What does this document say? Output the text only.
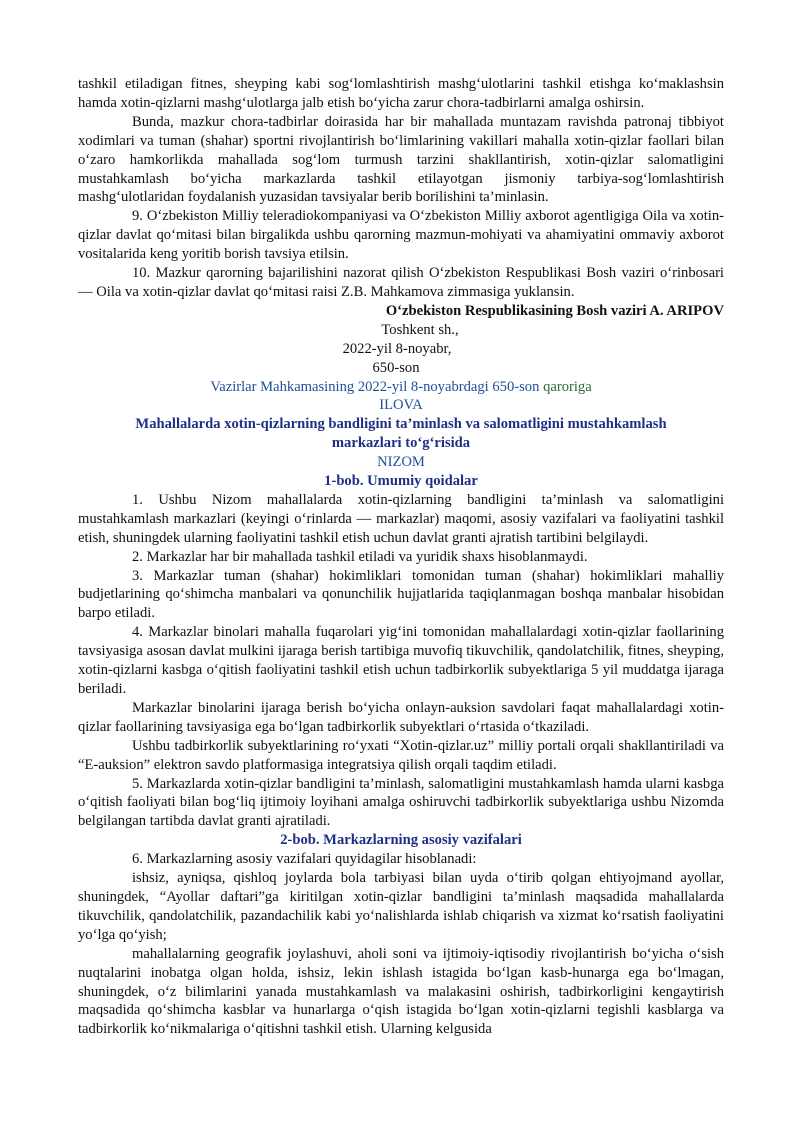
tashkil etiladigan fitnes, sheyping kabi sog‘lomlashtirish mashg‘ulotlarini tashkil etishga ko‘maklashsin hamda xotin-qizlarni mashg‘ulotlarga jalb etish bo‘yicha zarur chora-tadbirlarni amalga oshirsin.

Bunda, mazkur chora-tadbirlar doirasida har bir mahallada muntazam ravishda patronaj tibbiyot xodimlari va tuman (shahar) sportni rivojlantirish bo‘limlarining vakillari mahalla xotin-qizlar faollari bilan o‘zaro hamkorlikda mahallada sog‘lom turmush tarzini shakllantirish, xotin-qizlar salomatligini mustahkamlash bo‘yicha markazlarda tashkil etilayotgan jismoniy tarbiya-sog‘lomlashtirish mashg‘ulotlaridan foydalanish yuzasidan tavsiyalar berib borilishini ta’minlasin.

9. O‘zbekiston Milliy teleradiokompaniyasi va O‘zbekiston Milliy axborot agentligiga Oila va xotin-qizlar davlat qo‘mitasi bilan birgalikda ushbu qarorning mazmun-mohiyati va ahamiyatini ommaviy axborot vositalarida keng yoritib borish tavsiya etilsin.

10. Mazkur qarorning bajarilishini nazorat qilish O‘zbekiston Respublikasi Bosh vaziri o‘rinbosari — Oila va xotin-qizlar davlat qo‘mitasi raisi Z.B. Mahkamova zimmasiga yuklansin.

O‘zbekiston Respublikasining Bosh vaziri A. ARIPOV

Toshkent sh.,

2022-yil 8-noyabr,

650-son

Vazirlar Mahkamasining 2022-yil 8-noyabrdagi 650-son qaroriga

ILOVA

Mahallalarda xotin-qizlarning bandligini ta’minlash va salomatligini mustahkamlash

markazlari to‘g‘risida

NIZOM

1-bob. Umumiy qoidalar

1. Ushbu Nizom mahallalarda xotin-qizlarning bandligini ta’minlash va salomatligini mustahkamlash markazlari (keyingi o‘rinlarda — markazlar) maqomi, asosiy vazifalari va faoliyatini tashkil etish, shuningdek ularning faoliyatini tashkil etish uchun davlat granti ajratish tartibini belgilaydi.

2. Markazlar har bir mahallada tashkil etiladi va yuridik shaxs hisoblanmaydi.

3. Markazlar tuman (shahar) hokimliklari tomonidan tuman (shahar) hokimliklari mahalliy budjetlarining qo‘shimcha manbalari va qonunchilik hujjatlarida taqiqlanmagan boshqa manbalar hisobidan barpo etiladi.

4. Markazlar binolari mahalla fuqarolari yig‘ini tomonidan mahallalardagi xotin-qizlar faollarining tavsiyasiga asosan davlat mulkini ijaraga berish tartibiga muvofiq tikuvchilik, qandolatchilik, fitnes, sheyping, xotin-qizlarni kasbga o‘qitish faoliyatini tashkil etish uchun tadbirkorlik subyektlariga 5 yil muddatga ijaraga beriladi.

Markazlar binolarini ijaraga berish bo‘yicha onlayn-auksion savdolari faqat mahallalardagi xotin-qizlar faollarining tavsiyasiga ega bo‘lgan tadbirkorlik subyektlari o‘rtasida o‘tkaziladi.

Ushbu tadbirkorlik subyektlarining ro‘yxati “Xotin-qizlar.uz” milliy portali orqali shakllantiriladi va “E-auksion” elektron savdo platformasiga integratsiya qilish orqali taqdim etiladi.

5. Markazlarda xotin-qizlar bandligini ta’minlash, salomatligini mustahkamlash hamda ularni kasbga o‘qitish faoliyati bilan bog‘liq ijtimoiy loyihani amalga oshiruvchi tadbirkorlik subyektlariga ushbu Nizomda belgilangan tartibda davlat granti ajratiladi.

2-bob. Markazlarning asosiy vazifalari

6. Markazlarning asosiy vazifalari quyidagilar hisoblanadi:

ishsiz, ayniqsa, qishloq joylarda bola tarbiyasi bilan uyda o‘tirib qolgan ehtiyojmand ayollar, shuningdek, “Ayollar daftari”ga kiritilgan xotin-qizlar bandligini ta’minlash maqsadida mahallalarda tikuvchilik, qandolatchilik, pazandachilik kabi yo‘nalishlarda ishlab chiqarish va xizmat ko‘rsatish faoliyatini yo‘lga qo‘yish;

mahallalarning geografik joylashuvi, aholi soni va ijtimoiy-iqtisodiy rivojlantirish bo‘yicha o‘sish nuqtalarini inobatga olgan holda, ishsiz, lekin ishlash istagida bo‘lgan kasb-hunarga ega bo‘lmagan, shuningdek, o‘z bilimlarini yanada mustahkamlash va malakasini oshirish, tadbirkorligini kengaytirish maqsadida qo‘shimcha kasblar va hunarlarga o‘qish istagida bo‘lgan xotin-qizlarni tegishli kasblarga va tadbirkorlik ko‘nikmalariga o‘qitishni tashkil etish. Ularning kelgusida
